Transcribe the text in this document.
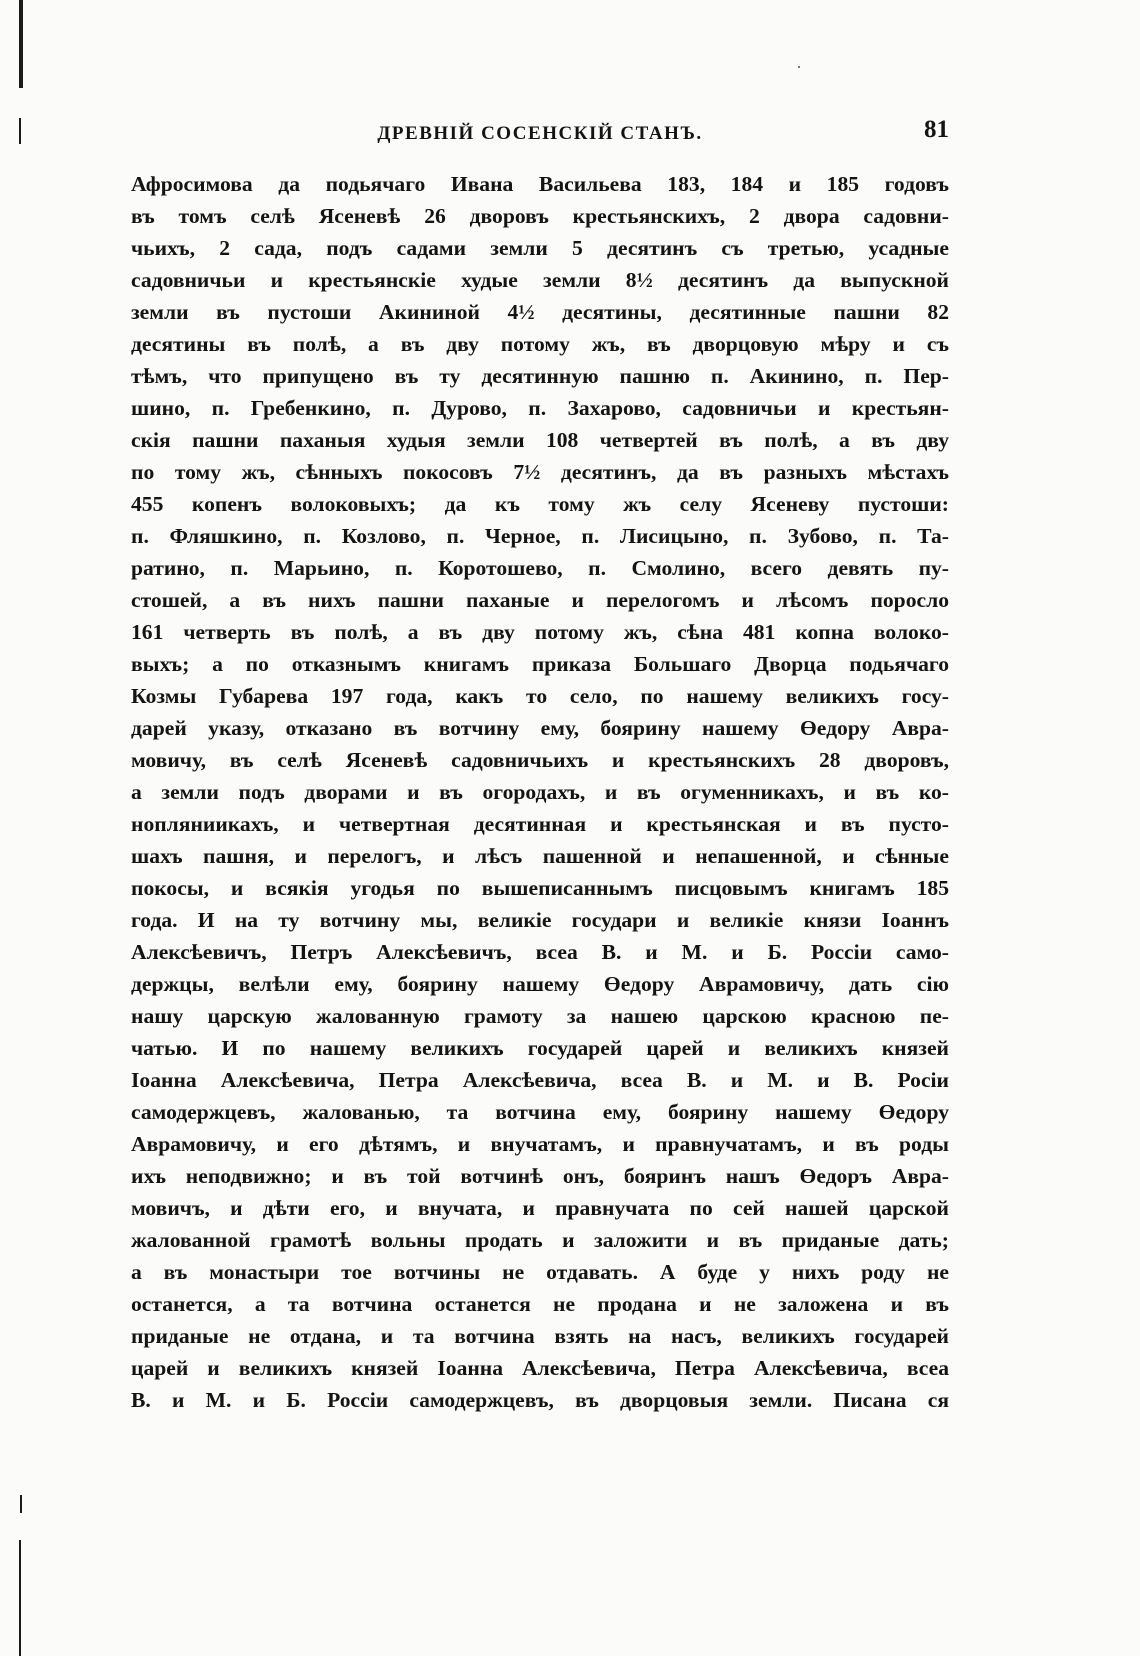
ДРЕВНІЙ СОСЕНСКІЙ СТАНЪ.	81
Афросимова да подьячаго Ивана Васильева 183, 184 и 185 годовъ
въ томъ селѣ Ясеневѣ 26 дворовъ крестьянскихъ, 2 двора садовни-
чьихъ, 2 сада, подъ садами земли 5 десятинъ съ третью, усадные
садовничьи и крестьянскіе худые земли 8½ десятинъ да выпускной
земли въ пустоши Акининой 4½ десятины, десятинные пашни 82
десятины въ полѣ, а въ дву потому жъ, въ дворцовую мѣру и съ
тѣмъ, что припущено въ ту десятинную пашню п. Акинино, п. Пер-
шино, п. Гребенкино, п. Дурово, п. Захарово, садовничьи и крестьян-
скія пашни паханыя худыя земли 108 четвертей въ полѣ, а въ дву
по тому жъ, сѣнныхъ покосовъ 7½ десятинъ, да въ разныхъ мѣстахъ
455 копенъ волоковыхъ; да къ тому жъ селу Ясеневу пустоши:
п. Фляшкино, п. Козлово, п. Черное, п. Лисицыно, п. Зубово, п. Та-
ратино, п. Марьино, п. Коротошево, п. Смолино, всего девять пу-
стошей, а въ нихъ пашни паханые и перелогомъ и лѣсомъ поросло
161 четверть въ полѣ, а въ дву потому жъ, сѣна 481 копна волоко-
выхъ; а по отказнымъ книгамъ приказа Большаго Дворца подьячаго
Козмы Губарева 197 года, какъ то село, по нашему великихъ госу-
дарей указу, отказано въ вотчину ему, боярину нашему Өедору Авра-
мовичу, въ селѣ Ясеневѣ садовничьихъ и крестьянскихъ 28 дворовъ,
а земли подъ дворами и въ огородахъ, и въ огуменникахъ, и въ ко-
нопляниикахъ, и четвертная десятинная и крестьянская и въ пусто-
шахъ пашня, и перелогъ, и лѣсъ пашенной и непашенной, и сѣнные
покосы, и всякія угодья по вышеписаннымъ писцовымъ книгамъ 185
года. И на ту вотчину мы, великіе государи и великіе князи Іоаннъ
Алексѣевичъ, Петръ Алексѣевичъ, всеа В. и М. и Б. Россіи само-
держцы, велѣли ему, боярину нашему Өедору Аврамовичу, дать сію
нашу царскую жалованную грамоту за нашею царскою красною пе-
чатью. И по нашему великихъ государей царей и великихъ князей
Іоанна Алексѣевича, Петра Алексѣевича, всеа В. и М. и В. Росіи
самодержцевъ, жалованью, та вотчина ему, боярину нашему Өедору
Аврамовичу, и его дѣтямъ, и внучатамъ, и правнучатамъ, и въ роды
ихъ неподвижно; и въ той вотчинѣ онъ, бояринъ нашъ Өедоръ Авра-
мовичъ, и дѣти его, и внучата, и правнучата по сей нашей царской
жалованной грамотѣ вольны продать и заложити и въ приданые дать;
а въ монастыри тое вотчины не отдавать. А буде у нихъ роду не
останется, а та вотчина останется не продана и не заложена и въ
приданые не отдана, и та вотчина взять на насъ, великихъ государей
царей и великихъ князей Іоанна Алексѣевича, Петра Алексѣевича, всеа
В. и М. и Б. Россіи самодержцевъ, въ дворцовыя земли. Писана ся
